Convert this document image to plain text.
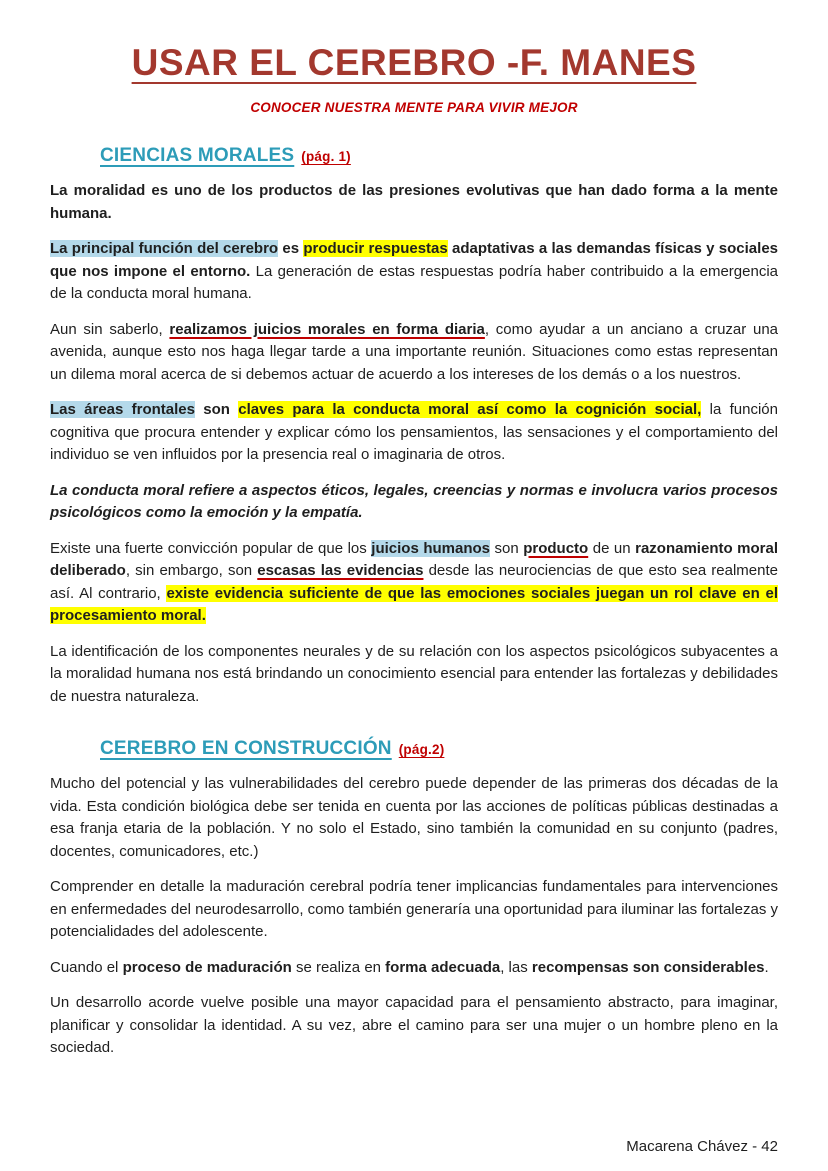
USAR EL CEREBRO -F. MANES
CONOCER NUESTRA MENTE PARA VIVIR MEJOR
CIENCIAS MORALES (pág. 1)

La moralidad es uno de los productos de las presiones evolutivas que han dado forma a la mente humana.

La principal función del cerebro es producir respuestas adaptativas a las demandas físicas y sociales que nos impone el entorno. La generación de estas respuestas podría haber contribuido a la emergencia de la conducta moral humana.

Aun sin saberlo, realizamos juicios morales en forma diaria, como ayudar a un anciano a cruzar una avenida, aunque esto nos haga llegar tarde a una importante reunión. Situaciones como estas representan un dilema moral acerca de si debemos actuar de acuerdo a los intereses de los demás o a los nuestros.

Las áreas frontales son claves para la conducta moral así como la cognición social, la función cognitiva que procura entender y explicar cómo los pensamientos, las sensaciones y el comportamiento del individuo se ven influidos por la presencia real o imaginaria de otros.

La conducta moral refiere a aspectos éticos, legales, creencias y normas e involucra varios procesos psicológicos como la emoción y la empatía.

Existe una fuerte convicción popular de que los juicios humanos son producto de un razonamiento moral deliberado, sin embargo, son escasas las evidencias desde las neurociencias de que esto sea realmente así. Al contrario, existe evidencia suficiente de que las emociones sociales juegan un rol clave en el procesamiento moral.

La identificación de los componentes neurales y de su relación con los aspectos psicológicos subyacentes a la moralidad humana nos está brindando un conocimiento esencial para entender las fortalezas y debilidades de nuestra naturaleza.

CEREBRO EN CONSTRUCCIÓN (pág.2)

Mucho del potencial y las vulnerabilidades del cerebro puede depender de las primeras dos décadas de la vida. Esta condición biológica debe ser tenida en cuenta por las acciones de políticas públicas destinadas a esa franja etaria de la población. Y no solo el Estado, sino también la comunidad en su conjunto (padres, docentes, comunicadores, etc.)

Comprender en detalle la maduración cerebral podría tener implicancias fundamentales para intervenciones en enfermedades del neurodesarrollo, como también generaría una oportunidad para iluminar las fortalezas y potencialidades del adolescente.

Cuando el proceso de maduración se realiza en forma adecuada, las recompensas son considerables.

Un desarrollo acorde vuelve posible una mayor capacidad para el pensamiento abstracto, para imaginar, planificar y consolidar la identidad. A su vez, abre el camino para ser una mujer o un hombre pleno en la sociedad.

Macarena Chávez - 42
